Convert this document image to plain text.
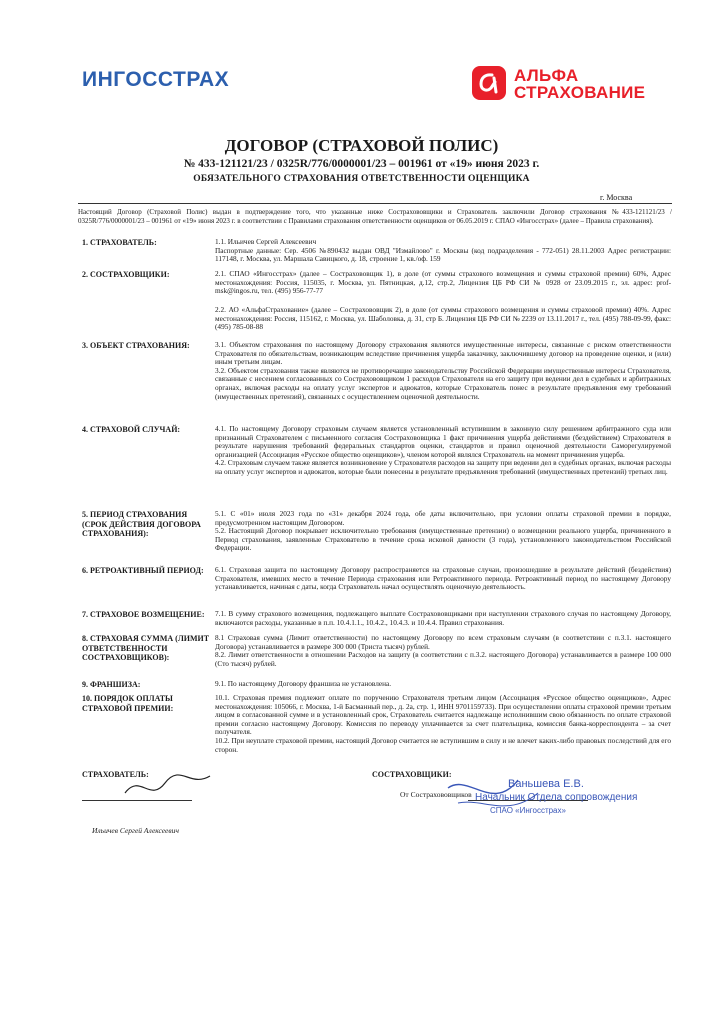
ИНГОССТРАХ	АЛЬФА
СТРАХОВАНИЕ
ДОГОВОР (СТРАХОВОЙ ПОЛИС)
№ 433-121121/23 / 0325R/776/0000001/23 – 001961 от «19» июня 2023 г.
ОБЯЗАТЕЛЬНОГО СТРАХОВАНИЯ ОТВЕТСТВЕННОСТИ ОЦЕНЩИКА
г. Москва
Настоящий Договор (Страховой Полис) выдан в подтверждение того, что указанные ниже Сострахововщики и Страхователь заключили Договор страхования №433-121121/23 / 0325R/776/0000001/23 – 001961 от «19» июня 2023 г. в соответствии с Правилами страхования ответственности оценщиков от 06.05.2019 г. СПАО «Ингосстрах» (далее – Правила страхования).
1. СТРАХОВАТЕЛЬ:	1.1. Ильичев Сергей Алексеевич
Паспортные данные: Сер. 4506 №890432 выдан ОВД "Измайлово" г. Москвы (код подразделения - 772-051) 28.11.2003 Адрес регистрации: 117148, г. Москва, ул. Маршала Савицкого, д. 18, строение 1, кв./оф. 159
2. СОСТРАХОВЩИКИ:	2.1. СПАО «Ингосстрах» (далее – Сострахововщик 1), в доле (от суммы страхового возмещения и суммы страховой премии) 60%, Адрес местонахождения: Россия, 115035, г. Москва, ул. Пятницкая, д.12, стр.2, Лицензия ЦБ РФ СИ № 0928 от 23.09.2015 г., эл. адрес: prof-msk@ingos.ru, тел. (495) 956-77-77
2.2. АО «АльфаСтрахование» (далее – Сострахововщик 2), в доле (от суммы страхового возмещения и суммы страховой премии) 40%. Адрес местонахождения: Россия, 115162, г. Москва, ул. Шаболовка, д. 31, стр Б. Лицензия ЦБ РФ СИ № 2239 от 13.11.2017 г., тел. (495) 788-09-99, факс: (495) 785-08-88
3. ОБЪЕКТ СТРАХОВАНИЯ:	3.1. Объектом страхования по настоящему Договору страхования являются имущественные интересы, связанные с риском ответственности Страхователя по обязательствам, возникающим вследствие причинения ущерба заказчику, заключившему договор на проведение оценки, и (или) иным третьим лицам.
3.2. Объектом страхования также являются не противоречащие законодательству Российской Федерации имущественные интересы Страхователя, связанные с несением согласованных со Сострахововщиком 1 расходов Страхователя на его защиту при ведении дел в судебных и арбитражных органах, включая расходы на оплату услуг экспертов и адвокатов, которые Страхователь понес в результате предъявления ему требований (имущественных претензий), связанных с осуществлением оценочной деятельности.
4. СТРАХОВОЙ СЛУЧАЙ:	4.1. По настоящему Договору страховым случаем является установленный вступившим в законную силу решением арбитражного суда или признанный Страхователем с письменного согласия Сострахововщика 1 факт причинения ущерба действиями (бездействием) Страхователя в результате нарушения требований федеральных стандартов оценки, стандартов и правил оценочной деятельности Саморегулируемой организацией (Ассоциация «Русское общество оценщиков»), членом которой являлся Страхователь на момент причинения ущерба.
4.2. Страховым случаем также является возникновение у Страхователя расходов на защиту при ведении дел в судебных органах, включая расходы на оплату услуг экспертов и адвокатов, которые были понесены в результате предъявления требований (имущественных претензий) третьих лиц.
5. ПЕРИОД СТРАХОВАНИЯ (СРОК ДЕЙСТВИЯ ДОГОВОРА СТРАХОВАНИЯ):
5.1. С «01» июля 2023 года по «31» декабря 2024 года, обе даты включительно, при условии оплаты страховой премии в порядке, предусмотренном настоящим Договором.
5.2. Настоящий Договор покрывает исключительно требования (имущественные претензии) о возмещении реального ущерба, причиненного в Период страхования, заявленные Страхователю в течение срока исковой давности (3 года), установленного законодательством Российской Федерации.
6. РЕТРОАКТИВНЫЙ ПЕРИОД:	6.1. Страховая защита по настоящему Договору распространяется на страховые случаи, произошедшие в результате действий (бездействия) Страхователя, имевших место в течение Периода страхования или Ретроактивного периода. Ретроактивный период по настоящему Договору устанавливается, начиная с даты, когда Страхователь начал осуществлять оценочную деятельность.
7. СТРАХОВОЕ ВОЗМЕЩЕНИЕ:	7.1. В сумму страхового возмещения, подлежащего выплате Сострахововщиками при наступлении страхового случая по настоящему Договору, включаются расходы, указанные в п.п. 10.4.1.1., 10.4.2., 10.4.3. и 10.4.4. Правил страхования.
8. СТРАХОВАЯ СУММА (ЛИМИТ ОТВЕТСТВЕННОСТИ СОСТРАХОВЩИКОВ):
8.1 Страховая сумма (Лимит ответственности) по настоящему Договору по всем страховым случаям (в соответствии с п.3.1. настоящего Договора) устанавливается в размере 300 000 (Триста тысяч) рублей.
8.2. Лимит ответственности в отношении Расходов на защиту (в соответствии с п.3.2. настоящего Договора) устанавливается в размере 100 000 (Сто тысяч) рублей.
9. ФРАНШИЗА:	9.1. По настоящему Договору франшиза не установлена.
10. ПОРЯДОК ОПЛАТЫ СТРАХОВОЙ ПРЕМИИ:
10.1. Страховая премия подлежит оплате по поручению Страхователя третьим лицом (Ассоциация «Русское общество оценщиков», Адрес местонахождения: 105066, г. Москва, 1-й Басманный пер., д. 2а, стр. 1, ИНН 9701159733). При осуществлении оплаты страховой премии третьим лицом в согласованной сумме и в установленный срок, Страхователь считается надлежаще исполнившим свою обязанность по оплате страховой премии согласно настоящему Договору. Комиссия по переводу уплачивается за счет плательщика, комиссия банка-корреспондента – за счет получателя.
10.2. При неуплате страховой премии, настоящий Договор считается не вступившим в силу и не влечет каких-либо правовых последствий для его сторон.
СТРАХОВАТЕЛЬ:
Ильичев Сергей Алексеевич
СОСТРАХОВЩИКИ:
От Сострахововщиков
Ваньшева Е.В.
Начальник Отдела сопровождения
СПАО «Ингосстрах»
